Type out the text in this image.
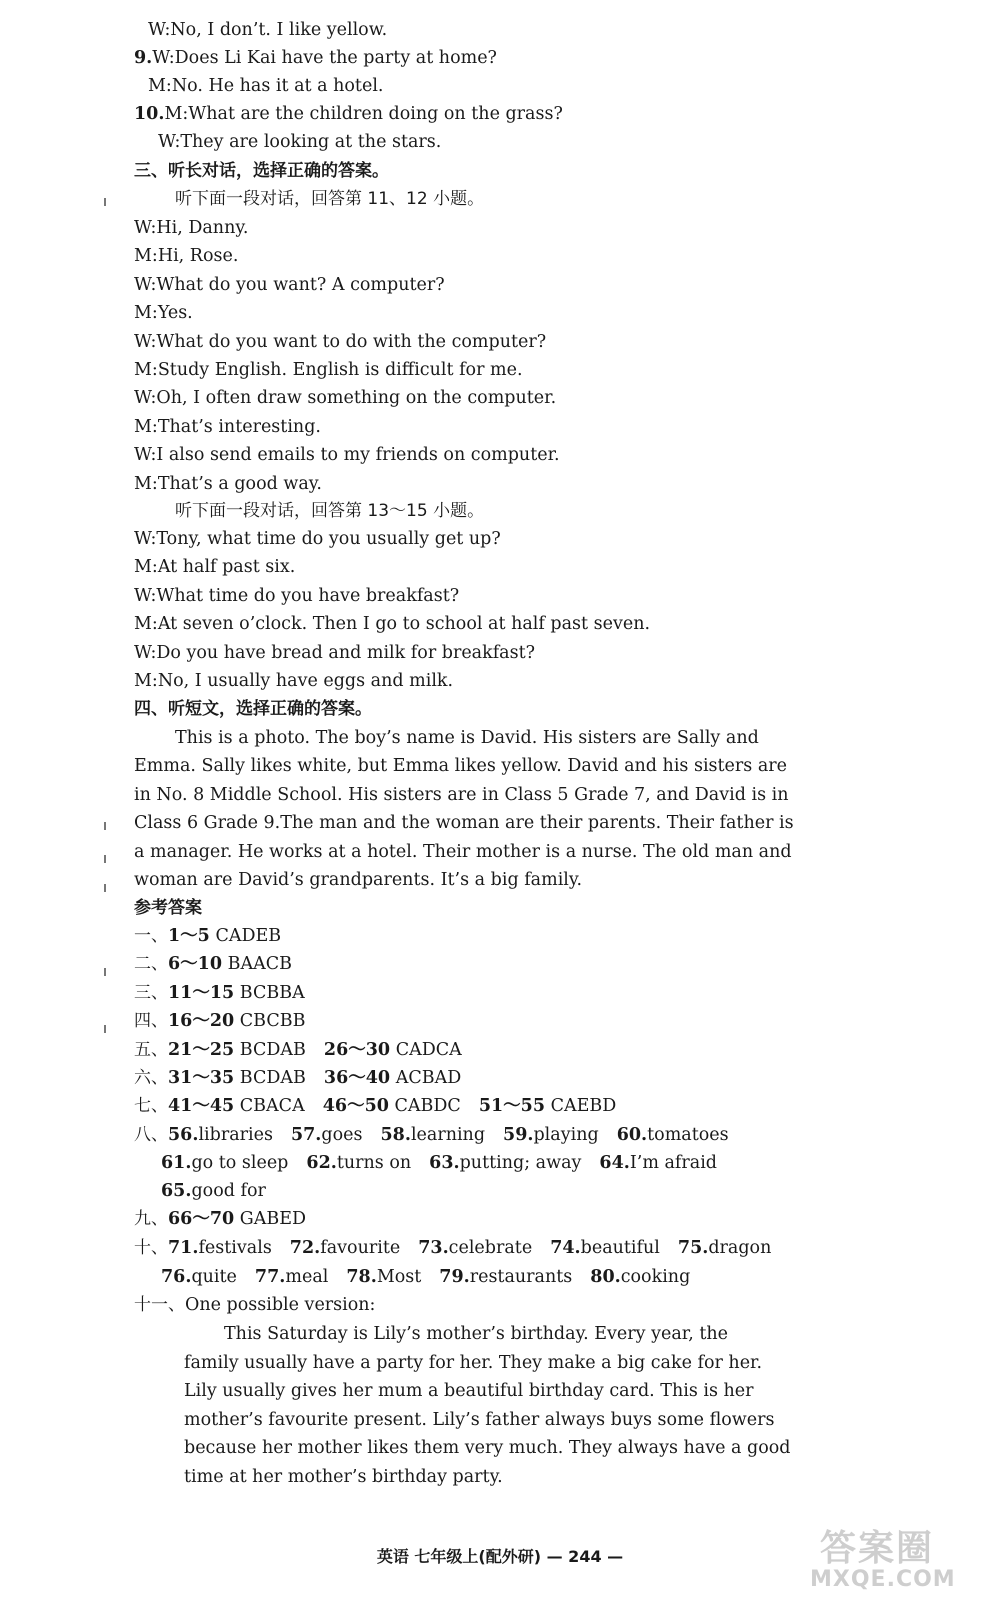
W:No, I don’t. I like yellow.
9.W:Does Li Kai have the party at home?
M:No. He has it at a hotel.
10.M:What are the children doing on the grass?
W:They are looking at the stars.
三、听长对话，选择正确的答案。
听下面一段对话，回答第 11、12 小题。
W:Hi, Danny.
M:Hi, Rose.
W:What do you want? A computer?
M:Yes.
W:What do you want to do with the computer?
M:Study English. English is difficult for me.
W:Oh, I often draw something on the computer.
M:That’s interesting.
W:I also send emails to my friends on computer.
M:That’s a good way.
听下面一段对话，回答第 13～15 小题。
W:Tony, what time do you usually get up?
M:At half past six.
W:What time do you have breakfast?
M:At seven o’clock. Then I go to school at half past seven.
W:Do you have bread and milk for breakfast?
M:No, I usually have eggs and milk.
四、听短文，选择正确的答案。
This is a photo. The boy’s name is David. His sisters are Sally and
Emma. Sally likes white, but Emma likes yellow. David and his sisters are
in No. 8 Middle School. His sisters are in Class 5 Grade 7, and David is in
Class 6 Grade 9.The man and the woman are their parents. Their father is
a manager. He works at a hotel. Their mother is a nurse. The old man and
woman are David’s grandparents. It’s a big family.
参考答案
一、1～5 CADEB
二、6～10 BAACB
三、11～15 BCBBA
四、16～20 CBCBB
五、21～25 BCDAB 26～30 CADCA
六、31～35 BCDAB 36～40 ACBAD
七、41～45 CBACA 46～50 CABDC 51～55 CAEBD
八、56.libraries 57.goes 58.learning 59.playing 60.tomatoes
61.go to sleep 62.turns on 63.putting; away 64.I’m afraid
65.good for
九、66～70 GABED
十、71.festivals 72.favourite 73.celebrate 74.beautiful 75.dragon
76.quite 77.meal 78.Most 79.restaurants 80.cooking
十一、One possible version:
This Saturday is Lily’s mother’s birthday. Every year, the
family usually have a party for her. They make a big cake for her.
Lily usually gives her mum a beautiful birthday card. This is her
mother’s favourite present. Lily’s father always buys some flowers
because her mother likes them very much. They always have a good
time at her mother’s birthday party.
英语 七年级上(配外研) — 244 —	答案圈
MXQE.COM
